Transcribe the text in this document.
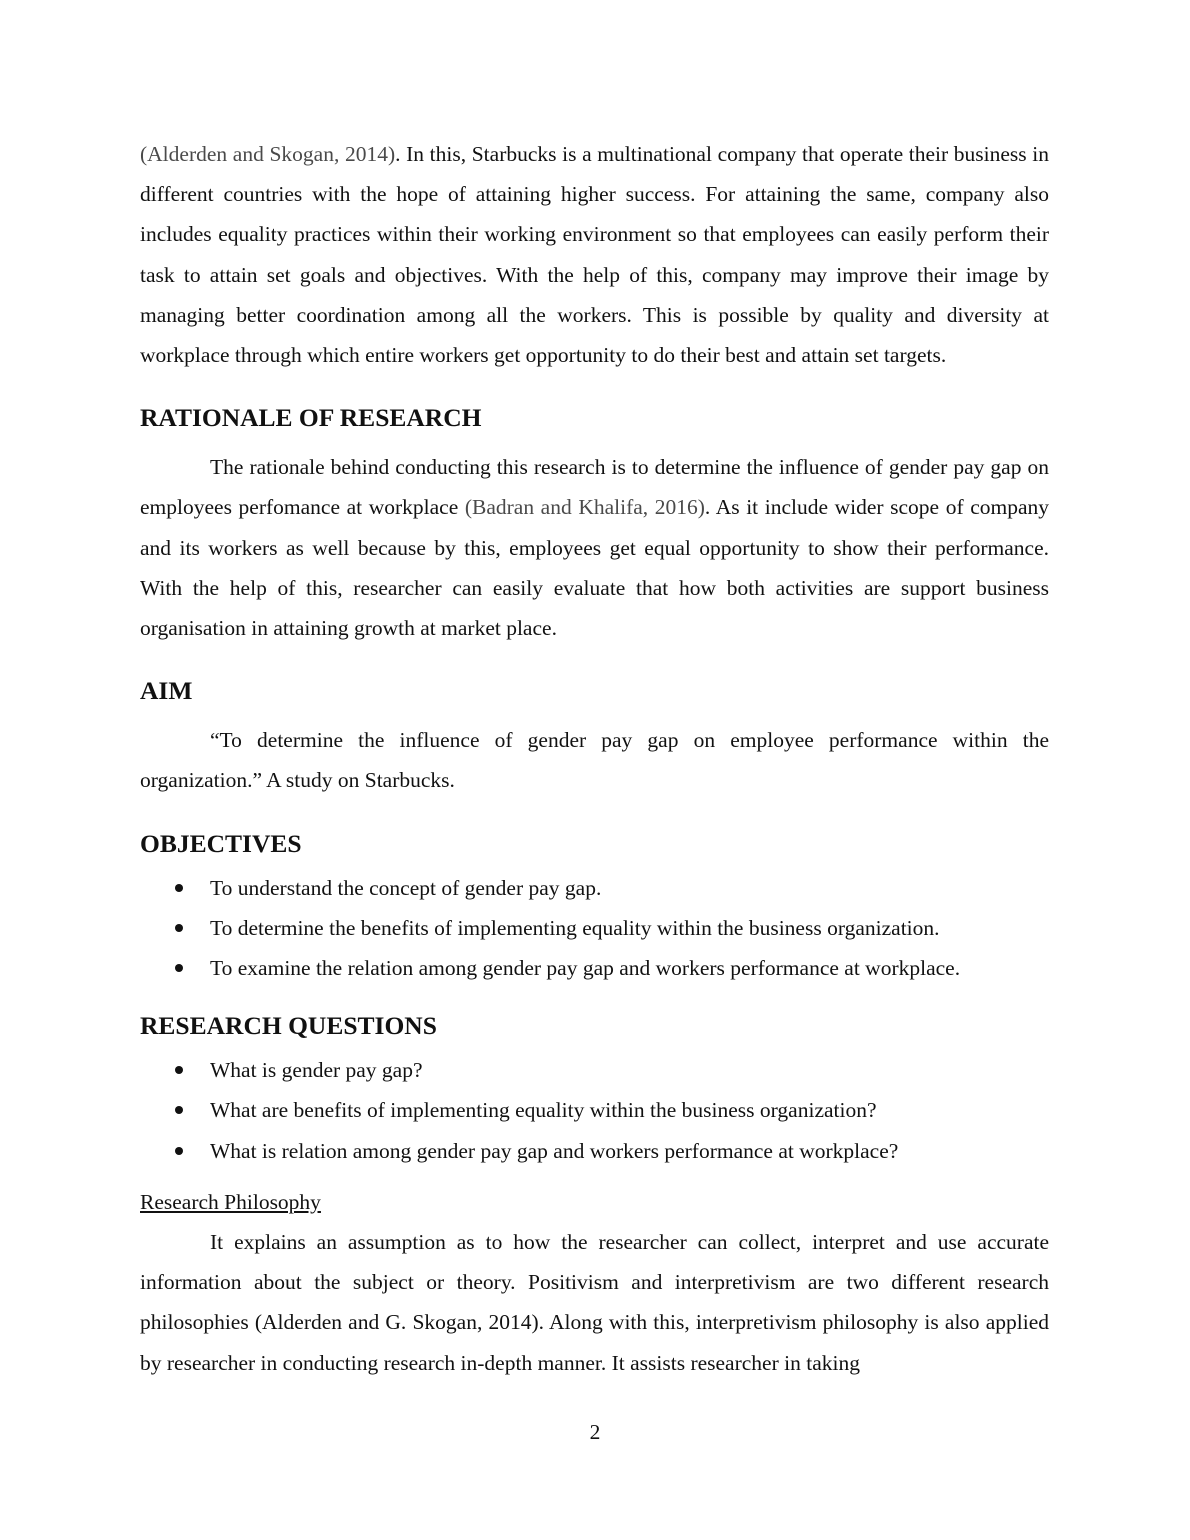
(Alderden and Skogan, 2014). In this, Starbucks is a multinational company that operate their business in different countries with the hope of attaining higher success. For attaining the same, company also includes equality practices within their working environment so that employees can easily perform their task to attain set goals and objectives. With the help of this, company may improve their image by managing better coordination among all the workers. This is possible by quality and diversity at workplace through which entire workers get opportunity to do their best and attain set targets.

RATIONALE OF RESEARCH

The rationale behind conducting this research is to determine the influence of gender pay gap on employees perfomance at workplace (Badran and Khalifa, 2016). As it include wider scope of company and its workers as well because by this, employees get equal opportunity to show their performance. With the help of this, researcher can easily evaluate that how both activities are support business organisation in attaining growth at market place.

AIM

“To determine the influence of gender pay gap on employee performance within the organization.” A study on Starbucks.

OBJECTIVES
To understand the concept of gender pay gap.
To determine the benefits of implementing equality within the business organization.
To examine the relation among gender pay gap and workers performance at workplace.
RESEARCH QUESTIONS
What is gender pay gap?
What are benefits of implementing equality within the business organization?
What is relation among gender pay gap and workers performance at workplace?
Research Philosophy

It explains an assumption as to how the researcher can collect, interpret and use accurate information about the subject or theory. Positivism and interpretivism are two different research philosophies (Alderden and G. Skogan, 2014). Along with this, interpretivism philosophy is also applied by researcher in conducting research in-depth manner. It assists researcher in taking

2
